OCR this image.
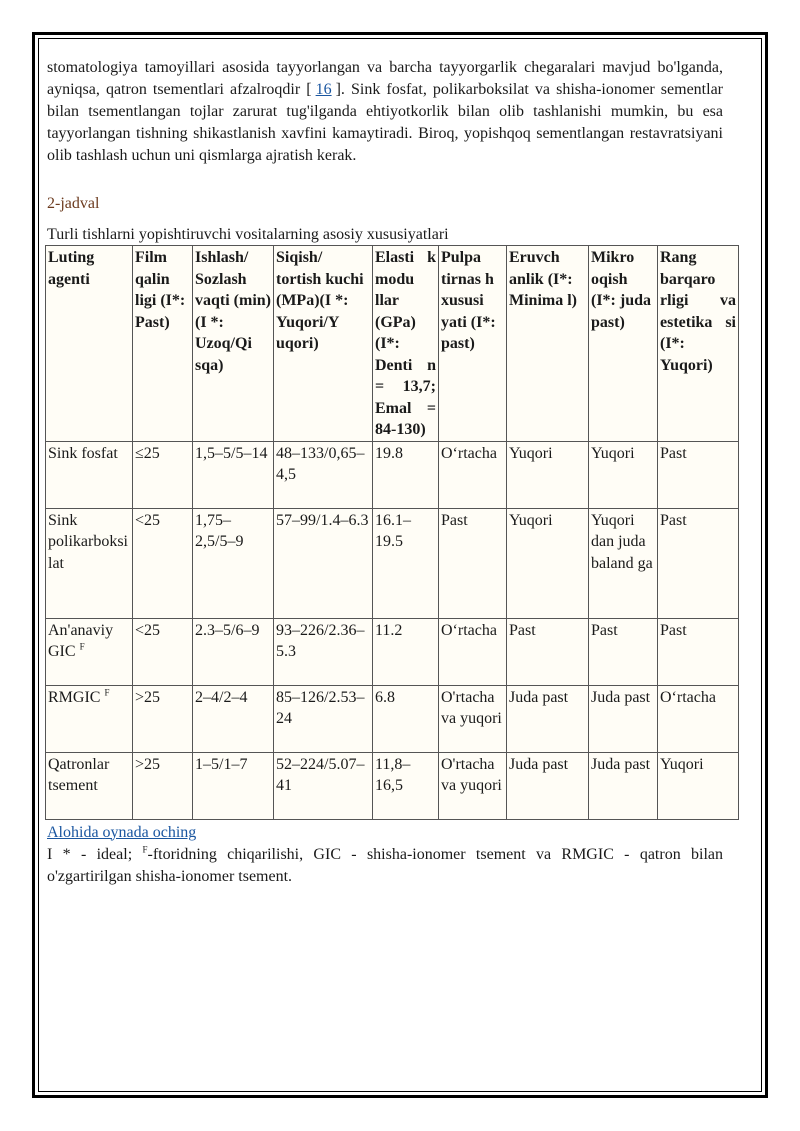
stomatologiya tamoyillari asosida tayyorlangan va barcha tayyorgarlik chegaralari mavjud bo'lganda, ayniqsa, qatron tsementlari afzalroqdir [ 16 ]. Sink fosfat, polikarboksilat va shisha-ionomer sementlar bilan tsementlangan tojlar zarurat tug'ilganda ehtiyotkorlik bilan olib tashlanishi mumkin, bu esa tayyorlangan tishning shikastlanish xavfini kamaytiradi. Biroq, yopishqoq sementlangan restavratsiyani olib tashlash uchun uni qismlarga ajratish kerak.

2-jadval
Turli tishlarni yopishtiruvchi vositalarning asosiy xususiyatlari
Luting agenti	Film qalin ligi (I*: Past)	Ishlash/ Sozlash vaqti (min)(I *: Uzoq/Qi sqa)	Siqish/ tortish kuchi (MPa)(I *: Yuqori/Y uqori)	Elasti k modu llar (GPa) (I*: Denti n = 13,7; Emal = 84-130)	Pulpa tirnas h xususi yati (I*: past)	Eruvch anlik (I*: Minima l)	Mikro oqish (I*: juda past)	Rang barqaro rligi va estetika si (I*: Yuqori)
Sink fosfat	≤25	1,5–5/5–14	48–133/0,65–4,5	19.8	O‘rtacha	Yuqori	Yuqori	Past
Sink polikarboksilat	<25	1,75–2,5/5–9	57–99/1.4–6.3	16.1–19.5	Past	Yuqori	Yuqori dan juda baland ga	Past
An'anaviy GIC $^F$	<25	2.3–5/6–9	93–226/2.36–5.3	11.2	O‘rtacha	Past	Past	Past
RMGIC $^F$	>25	2–4/2–4	85–126/2.53–24	6.8	O'rtacha va yuqori	Juda past	Juda past	O‘rtacha
Qatronlar tsement	>25	1–5/1–7	52–224/5.07–41	11,8–16,5	O'rtacha va yuqori	Juda past	Juda past	Yuqori
Alohida oynada oching
I * - ideal; $^F$-ftoridning chiqarilishi, GIC - shisha-ionomer tsement va RMGIC - qatron bilan o'zgartirilgan shisha-ionomer tsement.
